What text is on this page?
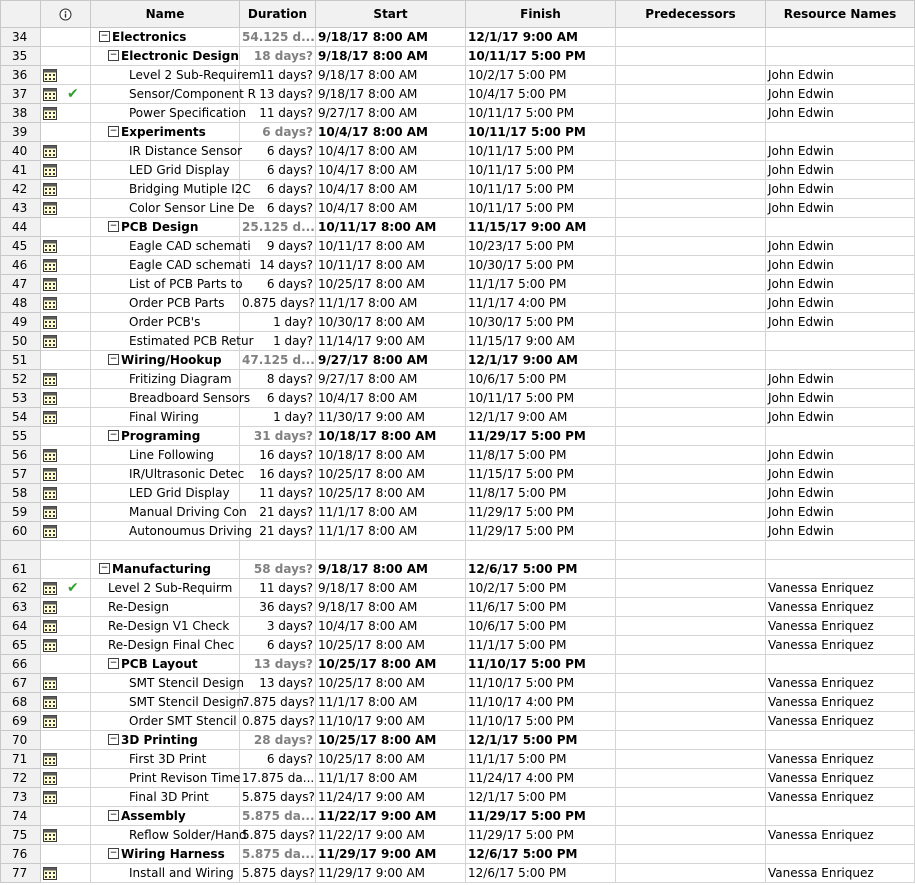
		Name	Duration	Start	Finish	Predecessors	Resource Names
34		− Electronics	54.125 d...	9/18/17 8:00 AM	12/1/17 9:00 AM		
35		− Electronic Design	18 days?	9/18/17 8:00 AM	10/11/17 5:00 PM		
36		Level 2 Sub-Requirem	11 days?	9/18/17 8:00 AM	10/2/17 5:00 PM		John Edwin
37	✔	Sensor/Component R	13 days?	9/18/17 8:00 AM	10/4/17 5:00 PM		John Edwin
38		Power Specification	11 days?	9/27/17 8:00 AM	10/11/17 5:00 PM		John Edwin
39		− Experiments	6 days?	10/4/17 8:00 AM	10/11/17 5:00 PM		
40		IR Distance Sensor	6 days?	10/4/17 8:00 AM	10/11/17 5:00 PM		John Edwin
41		LED Grid Display	6 days?	10/4/17 8:00 AM	10/11/17 5:00 PM		John Edwin
42		Bridging Mutiple I2C	6 days?	10/4/17 8:00 AM	10/11/17 5:00 PM		John Edwin
43		Color Sensor Line De	6 days?	10/4/17 8:00 AM	10/11/17 5:00 PM		John Edwin
44		− PCB Design	25.125 d...	10/11/17 8:00 AM	11/15/17 9:00 AM		
45		Eagle CAD schemati	9 days?	10/11/17 8:00 AM	10/23/17 5:00 PM		John Edwin
46		Eagle CAD schemati	14 days?	10/11/17 8:00 AM	10/30/17 5:00 PM		John Edwin
47		List of PCB Parts to	6 days?	10/25/17 8:00 AM	11/1/17 5:00 PM		John Edwin
48		Order PCB Parts	0.875 days?	11/1/17 8:00 AM	11/1/17 4:00 PM		John Edwin
49		Order PCB's	1 day?	10/30/17 8:00 AM	10/30/17 5:00 PM		John Edwin
50		Estimated PCB Retur	1 day?	11/14/17 9:00 AM	11/15/17 9:00 AM		
51		− Wiring/Hookup	47.125 d...	9/27/17 8:00 AM	12/1/17 9:00 AM		
52		Fritizing Diagram	8 days?	9/27/17 8:00 AM	10/6/17 5:00 PM		John Edwin
53		Breadboard Sensors	6 days?	10/4/17 8:00 AM	10/11/17 5:00 PM		John Edwin
54		Final Wiring	1 day?	11/30/17 9:00 AM	12/1/17 9:00 AM		John Edwin
55		− Programing	31 days?	10/18/17 8:00 AM	11/29/17 5:00 PM		
56		Line Following	16 days?	10/18/17 8:00 AM	11/8/17 5:00 PM		John Edwin
57		IR/Ultrasonic Detec	16 days?	10/25/17 8:00 AM	11/15/17 5:00 PM		John Edwin
58		LED Grid Display	11 days?	10/25/17 8:00 AM	11/8/17 5:00 PM		John Edwin
59		Manual Driving Con	21 days?	11/1/17 8:00 AM	11/29/17 5:00 PM		John Edwin
60		Autonoumus Driving	21 days?	11/1/17 8:00 AM	11/29/17 5:00 PM		John Edwin

61		− Manufacturing	58 days?	9/18/17 8:00 AM	12/6/17 5:00 PM		
62	✔	Level 2 Sub-Requirm	11 days?	9/18/17 8:00 AM	10/2/17 5:00 PM		Vanessa Enriquez
63		Re-Design	36 days?	9/18/17 8:00 AM	11/6/17 5:00 PM		Vanessa Enriquez
64		Re-Design V1 Check	3 days?	10/4/17 8:00 AM	10/6/17 5:00 PM		Vanessa Enriquez
65		Re-Design Final Chec	6 days?	10/25/17 8:00 AM	11/1/17 5:00 PM		Vanessa Enriquez
66		− PCB Layout	13 days?	10/25/17 8:00 AM	11/10/17 5:00 PM		
67		SMT Stencil Design	13 days?	10/25/17 8:00 AM	11/10/17 5:00 PM		Vanessa Enriquez
68		SMT Stencil Design	7.875 days?	11/1/17 8:00 AM	11/10/17 4:00 PM		Vanessa Enriquez
69		Order SMT Stencil	0.875 days?	11/10/17 9:00 AM	11/10/17 5:00 PM		Vanessa Enriquez
70		− 3D Printing	28 days?	10/25/17 8:00 AM	12/1/17 5:00 PM		
71		First 3D Print	6 days?	10/25/17 8:00 AM	11/1/17 5:00 PM		Vanessa Enriquez
72		Print Revison Time	17.875 da...	11/1/17 8:00 AM	11/24/17 4:00 PM		Vanessa Enriquez
73		Final 3D Print	5.875 days?	11/24/17 9:00 AM	12/1/17 5:00 PM		Vanessa Enriquez
74		− Assembly	5.875 da...	11/22/17 9:00 AM	11/29/17 5:00 PM		
75		Reflow Solder/Hand	5.875 days?	11/22/17 9:00 AM	11/29/17 5:00 PM		Vanessa Enriquez
76		− Wiring Harness	5.875 da...	11/29/17 9:00 AM	12/6/17 5:00 PM		
77		Install and Wiring	5.875 days?	11/29/17 9:00 AM	12/6/17 5:00 PM		Vanessa Enriquez
